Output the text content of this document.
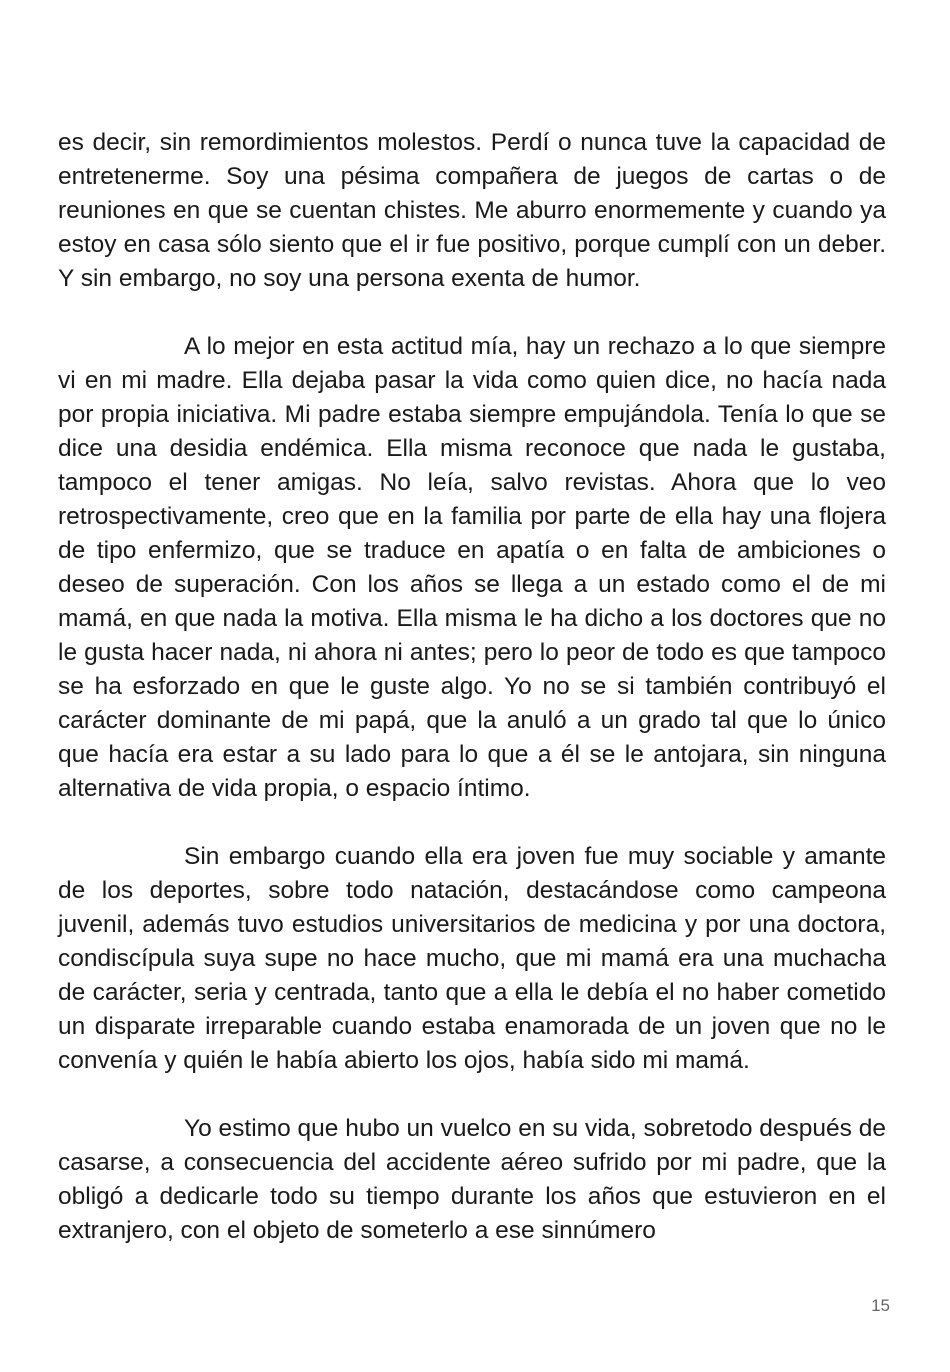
es decir, sin remordimientos molestos. Perdí o nunca tuve la capacidad de entretenerme. Soy una pésima compañera de juegos de cartas o de reuniones en que se cuentan chistes. Me aburro enormemente y cuando ya estoy en casa sólo siento que el ir fue positivo, porque cumplí con un deber. Y sin embargo, no soy una persona exenta de humor.

A lo mejor en esta actitud mía, hay un rechazo a lo que siempre vi en mi madre. Ella dejaba pasar la vida como quien dice, no hacía nada por propia iniciativa. Mi padre estaba siempre empujándola. Tenía lo que se dice una desidia endémica. Ella misma reconoce que nada le gustaba, tampoco el tener amigas. No leía, salvo revistas. Ahora que lo veo retrospectivamente, creo que en la familia por parte de ella hay una flojera de tipo enfermizo, que se traduce en apatía o en falta de ambiciones o deseo de superación. Con los años se llega a un estado como el de mi mamá, en que nada la motiva. Ella misma le ha dicho a los doctores que no le gusta hacer nada, ni ahora ni antes; pero lo peor de todo es que tampoco se ha esforzado en que le guste algo. Yo no se si también contribuyó el carácter dominante de mi papá, que la anuló a un grado tal que lo único que hacía era estar a su lado para lo que a él se le antojara, sin ninguna alternativa de vida propia, o espacio íntimo.

Sin embargo cuando ella era joven fue muy sociable y amante de los deportes, sobre todo natación, destacándose como campeona juvenil, además tuvo estudios universitarios de medicina y por una doctora, condiscípula suya supe no hace mucho, que mi mamá era una muchacha de carácter, seria y centrada, tanto que a ella le debía el no haber cometido un disparate irreparable cuando estaba enamorada de un joven que no le convenía y quién le había abierto los ojos, había sido mi mamá.

Yo estimo que hubo un vuelco en su vida, sobretodo después de casarse, a consecuencia del accidente aéreo sufrido por mi padre, que la obligó a dedicarle todo su tiempo durante los años que estuvieron en el extranjero, con el objeto de someterlo a ese sinnúmero

15
